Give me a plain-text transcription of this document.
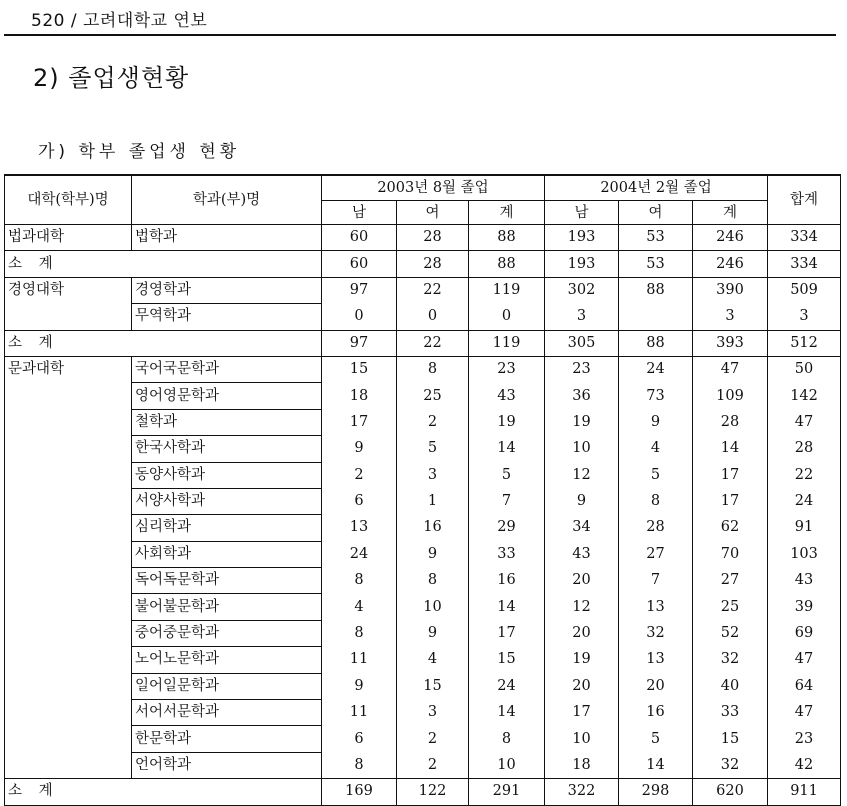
520 / 고려대학교 연보
2) 졸업생현황
가) 학부 졸업생 현황
대학(학부)명	학과(부)명	2003년 8월 졸업			2004년 2월 졸업			합계
		남	여	계	남	여	계	
법과대학	법학과	60	28	88	193	53	246	334
소 계		60	28	88	193	53	246	334
경영대학	경영학과	97	22	119	302	88	390	509
	무역학과	0	0	0	3		3	3
소 계		97	22	119	305	88	393	512
문과대학	국어국문학과	15	8	23	23	24	47	50
	영어영문학과	18	25	43	36	73	109	142
	철학과	17	2	19	19	9	28	47
	한국사학과	9	5	14	10	4	14	28
	동양사학과	2	3	5	12	5	17	22
	서양사학과	6	1	7	9	8	17	24
	심리학과	13	16	29	34	28	62	91
	사회학과	24	9	33	43	27	70	103
	독어독문학과	8	8	16	20	7	27	43
	불어불문학과	4	10	14	12	13	25	39
	중어중문학과	8	9	17	20	32	52	69
	노어노문학과	11	4	15	19	13	32	47
	일어일문학과	9	15	24	20	20	40	64
	서어서문학과	11	3	14	17	16	33	47
	한문학과	6	2	8	10	5	15	23
	언어학과	8	2	10	18	14	32	42
소 계		169	122	291	322	298	620	911
